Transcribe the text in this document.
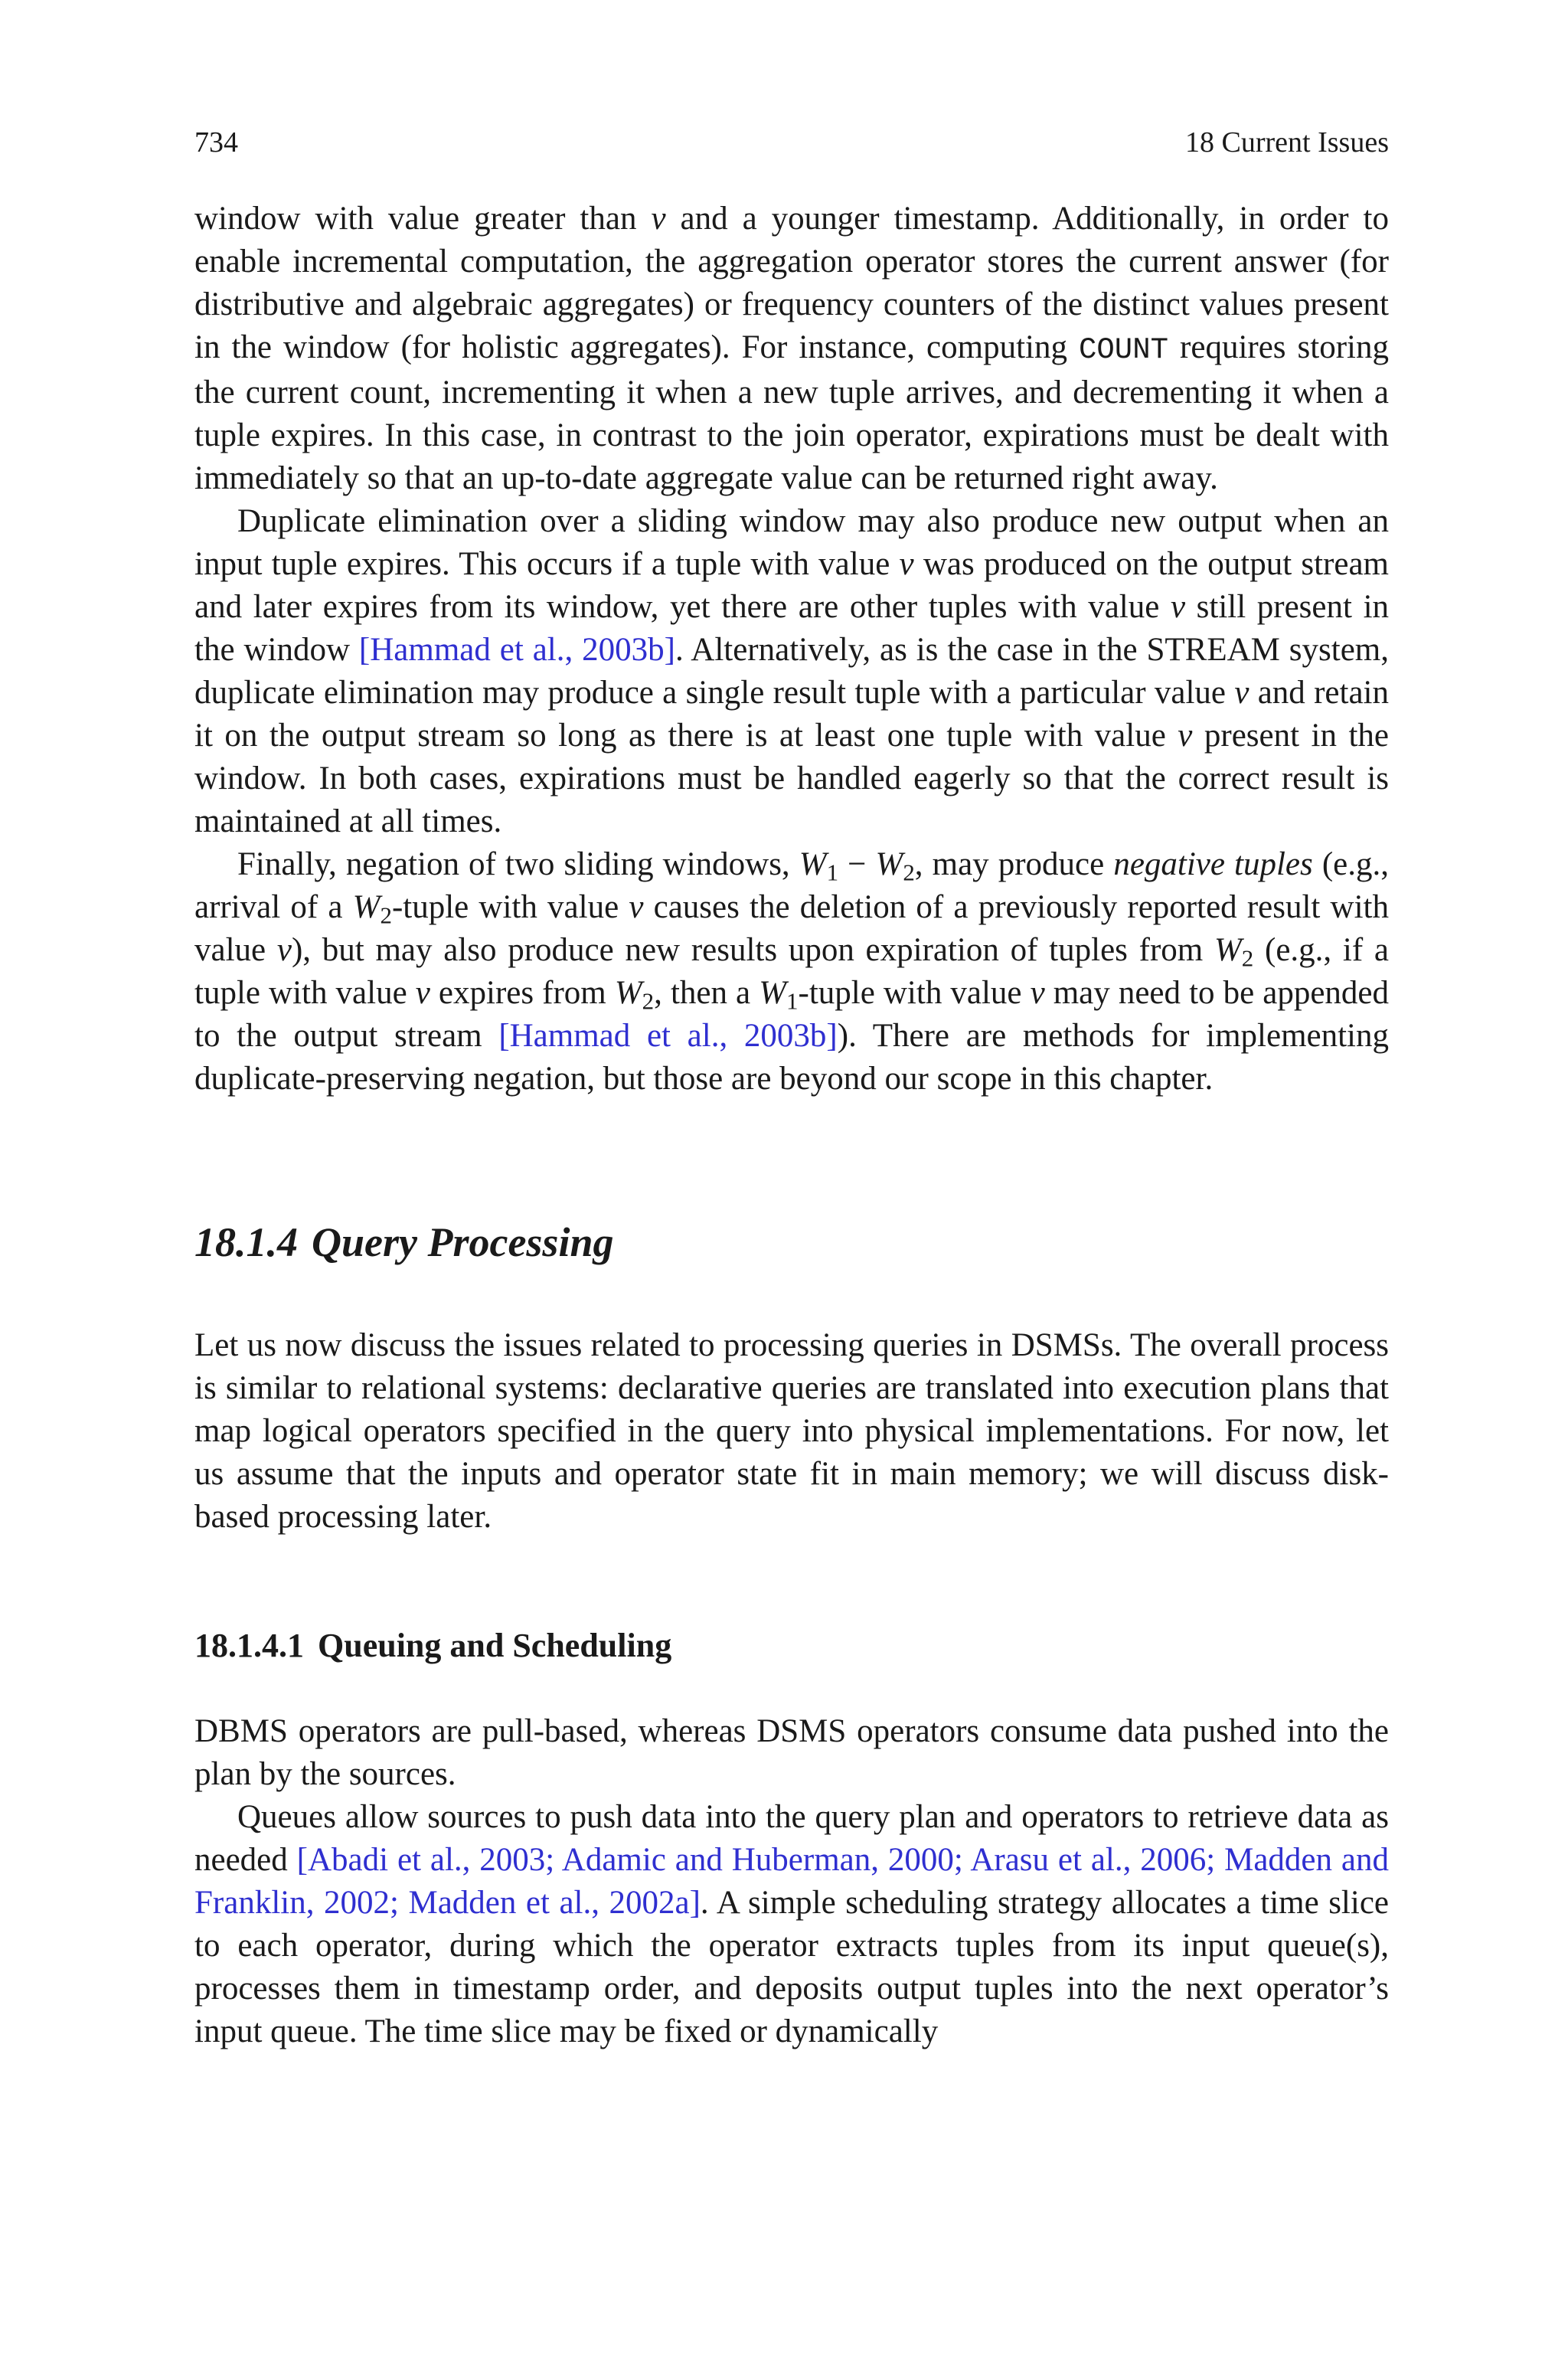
734	18 Current Issues

window with value greater than v and a younger timestamp. Additionally, in order to enable incremental computation, the aggregation operator stores the current answer (for distributive and algebraic aggregates) or frequency counters of the distinct values present in the window (for holistic aggregates). For instance, computing COUNT requires storing the current count, incrementing it when a new tuple arrives, and decrementing it when a tuple expires. In this case, in contrast to the join operator, expirations must be dealt with immediately so that an up-to-date aggregate value can be returned right away.

Duplicate elimination over a sliding window may also produce new output when an input tuple expires. This occurs if a tuple with value v was produced on the output stream and later expires from its window, yet there are other tuples with value v still present in the window [Hammad et al., 2003b]. Alternatively, as is the case in the STREAM system, duplicate elimination may produce a single result tuple with a particular value v and retain it on the output stream so long as there is at least one tuple with value v present in the window. In both cases, expirations must be handled eagerly so that the correct result is maintained at all times.

Finally, negation of two sliding windows, $W_1 - W_2$, may produce negative tuples (e.g., arrival of a $W_2$-tuple with value v causes the deletion of a previously reported result with value v), but may also produce new results upon expiration of tuples from $W_2$ (e.g., if a tuple with value v expires from $W_2$, then a $W_1$-tuple with value v may need to be appended to the output stream [Hammad et al., 2003b]). There are methods for implementing duplicate-preserving negation, but those are beyond our scope in this chapter.

18.1.4 Query Processing

Let us now discuss the issues related to processing queries in DSMSs. The overall process is similar to relational systems: declarative queries are translated into execution plans that map logical operators specified in the query into physical implementations. For now, let us assume that the inputs and operator state fit in main memory; we will discuss disk-based processing later.

18.1.4.1 Queuing and Scheduling

DBMS operators are pull-based, whereas DSMS operators consume data pushed into the plan by the sources.

Queues allow sources to push data into the query plan and operators to retrieve data as needed [Abadi et al., 2003; Adamic and Huberman, 2000; Arasu et al., 2006; Madden and Franklin, 2002; Madden et al., 2002a]. A simple scheduling strategy allocates a time slice to each operator, during which the operator extracts tuples from its input queue(s), processes them in timestamp order, and deposits output tuples into the next operator’s input queue. The time slice may be fixed or dynamically
